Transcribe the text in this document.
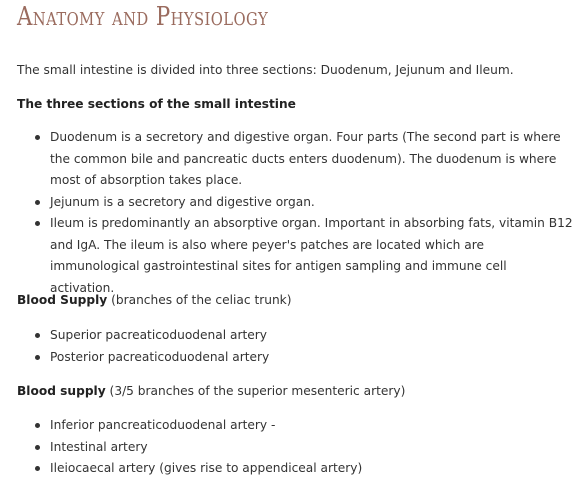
Anatomy and Physiology

The small intestine is divided into three sections: Duodenum, Jejunum and Ileum.

The three sections of the small intestine

Duodenum is a secretory and digestive organ. Four parts (The second part is where the common bile and pancreatic ducts enters duodenum). The duodenum is where most of absorption takes place.
Jejunum is a secretory and digestive organ.
Ileum is predominantly an absorptive organ. Important in absorbing fats, vitamin B12 and IgA. The ileum is also where peyer's patches are located which are immunological gastrointestinal sites for antigen sampling and immune cell activation.

Blood Supply (branches of the celiac trunk)

Superior pacreaticoduodenal artery
Posterior pacreaticoduodenal artery

Blood supply (3/5 branches of the superior mesenteric artery)

Inferior pancreaticoduodenal artery -
Intestinal artery
Ileiocaecal artery (gives rise to appendiceal artery)
